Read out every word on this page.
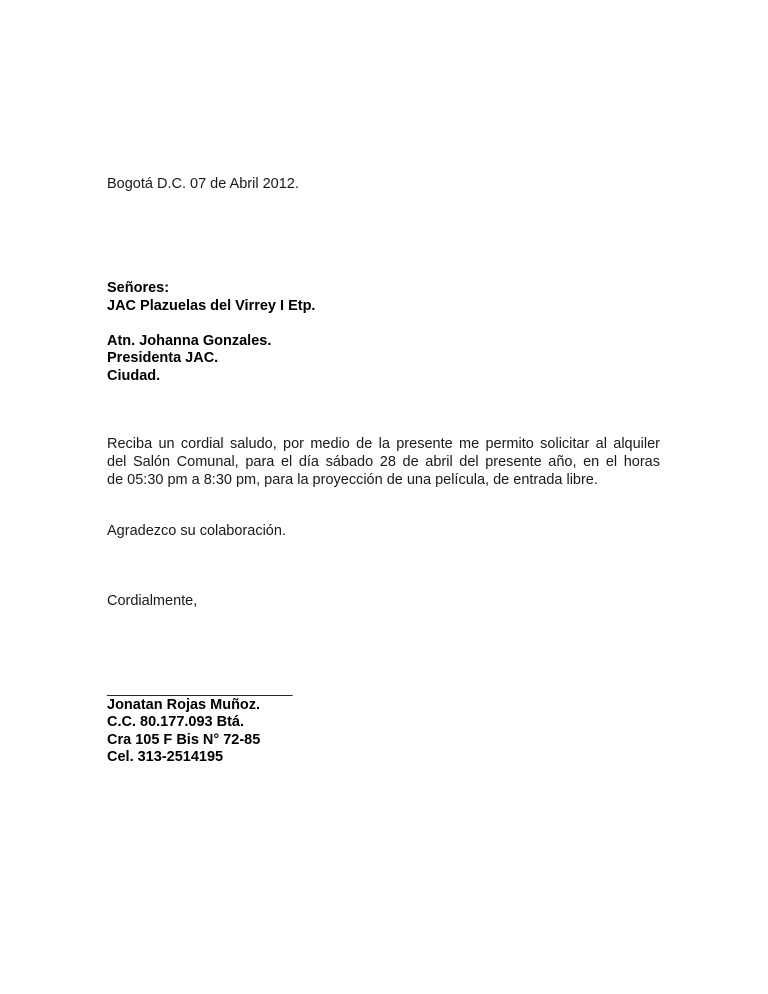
Bogotá D.C. 07 de Abril 2012.
Señores:
JAC Plazuelas del Virrey I Etp.
Atn. Johanna Gonzales.
Presidenta JAC.
Ciudad.
Reciba un cordial saludo, por medio de la presente me permito solicitar al alquiler
del Salón Comunal, para el día sábado 28 de abril del presente año, en el horas
de 05:30 pm a 8:30 pm, para la proyección de una película, de entrada libre.
Agradezco su colaboración.
Cordialmente,
_______________________
Jonatan Rojas Muñoz.
C.C. 80.177.093 Btá.
Cra 105 F Bis N° 72-85
Cel. 313-2514195
